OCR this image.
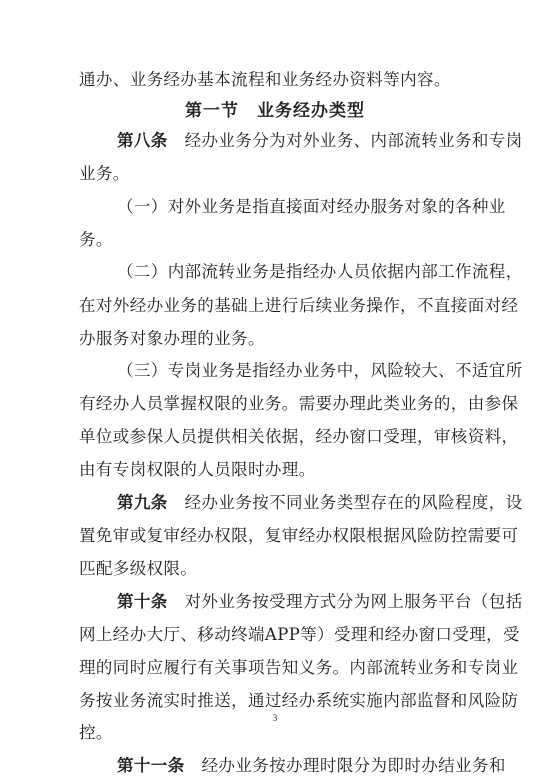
通办、业务经办基本流程和业务经办资料等内容。
第一节　业务经办类型
第八条　 经办业务分为对外业务、内部流转业务和专岗
业务。
（一）对外业务是指直接面对经办服务对象的各种业
务。
（二）内部流转业务是指经办人员依据内部工作流程，
在对外经办业务的基础上进行后续业务操作，不直接面对经
办服务对象办理的业务。
（三）专岗业务是指经办业务中，风险较大、不适宜所
有经办人员掌握权限的业务。需要办理此类业务的，由参保
单位或参保人员提供相关依据，经办窗口受理，审核资料，
由有专岗权限的人员限时办理。
第九条　 经办业务按不同业务类型存在的风险程度，设
置免审或复审经办权限，复审经办权限根据风险防控需要可
匹配多级权限。
第十条　 对外业务按受理方式分为网上服务平台（包括
网上经办大厅、移动终端APP等）受理和经办窗口受理，受
理的同时应履行有关事项告知义务。内部流转业务和专岗业
务按业务流实时推送，通过经办系统实施内部监督和风险防
控。
第十一条　 经办业务按办理时限分为即时办结业务和
3
